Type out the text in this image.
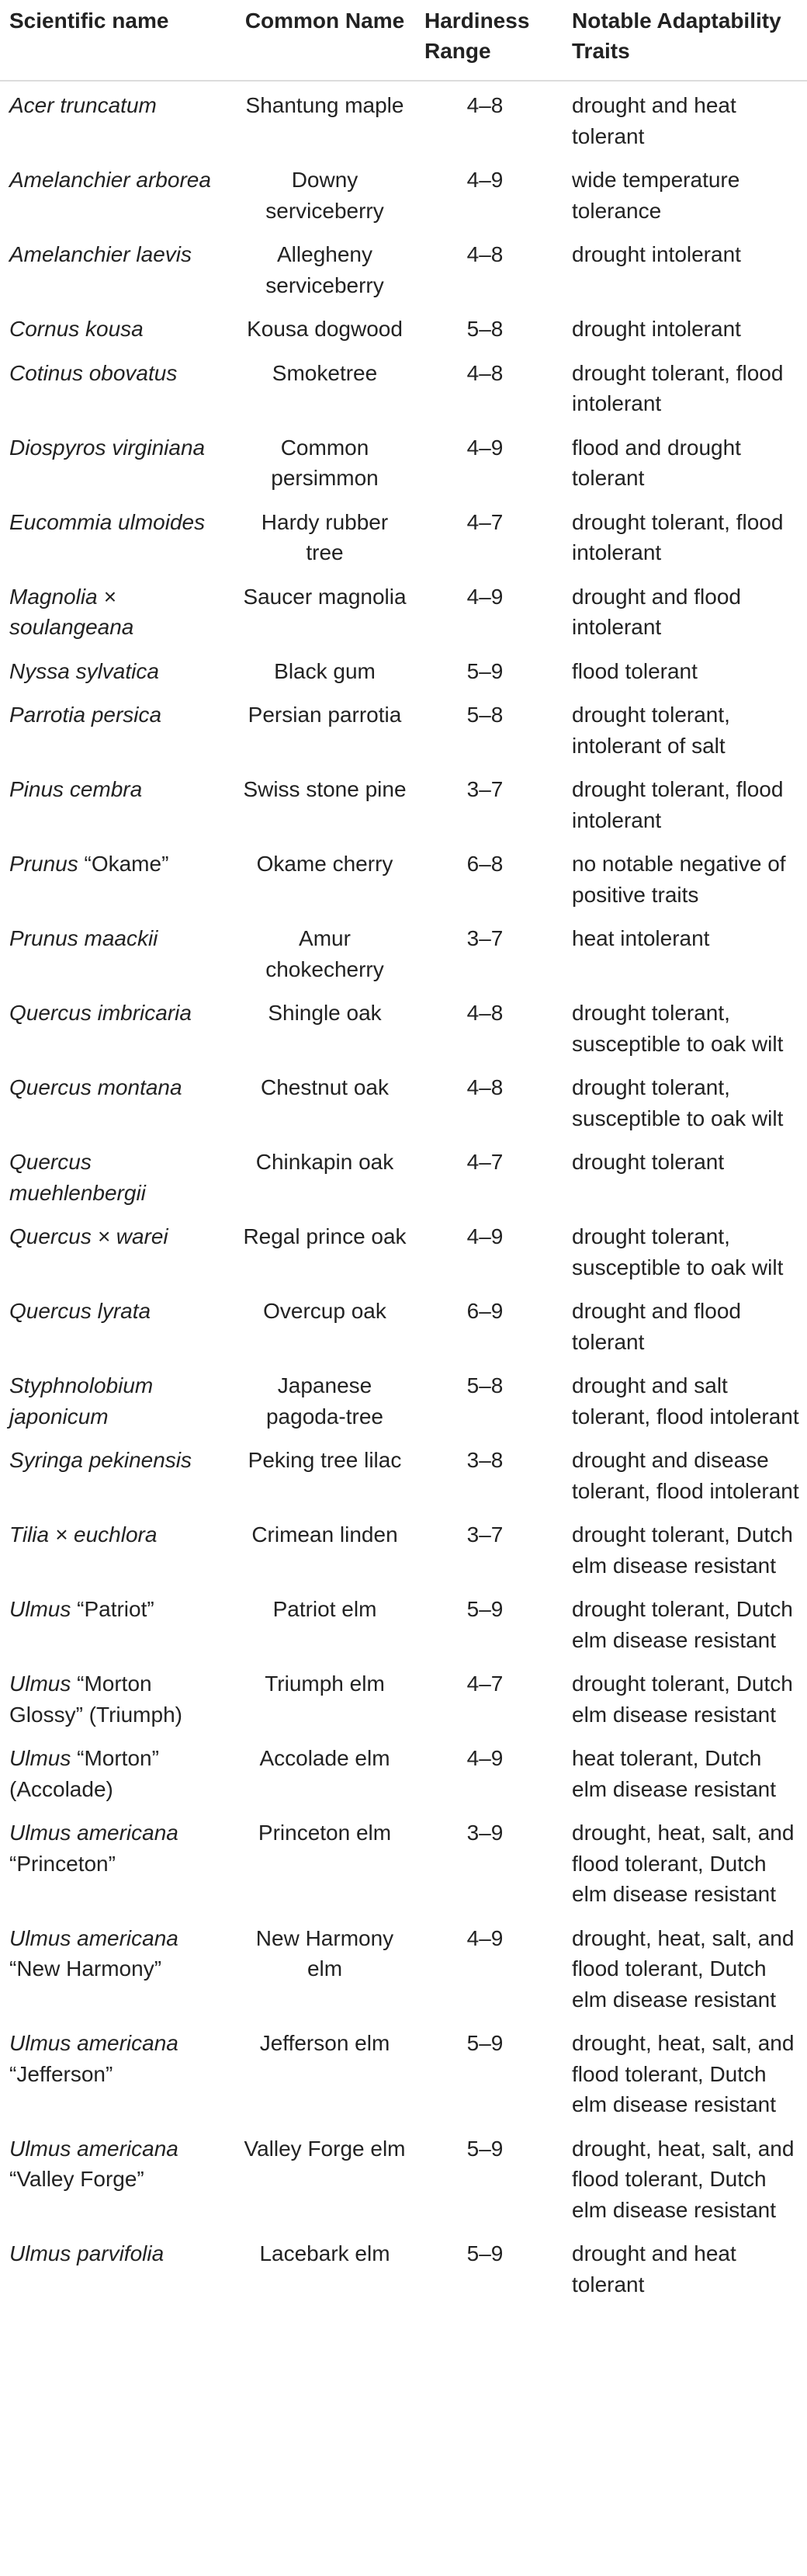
Scientific name	Common Name	Hardiness Range	Notable Adaptability Traits
Acer truncatum	Shantung maple	4–8	drought and heat tolerant
Amelanchier arborea	Downy serviceberry	4–9	wide temperature tolerance
Amelanchier laevis	Allegheny serviceberry	4–8	drought intolerant
Cornus kousa	Kousa dogwood	5–8	drought intolerant
Cotinus obovatus	Smoketree	4–8	drought tolerant, flood intolerant
Diospyros virginiana	Common persimmon	4–9	flood and drought tolerant
Eucommia ulmoides	Hardy rubber tree	4–7	drought tolerant, flood intolerant
Magnolia × soulangeana	Saucer magnolia	4–9	drought and flood intolerant
Nyssa sylvatica	Black gum	5–9	flood tolerant
Parrotia persica	Persian parrotia	5–8	drought tolerant, intolerant of salt
Pinus cembra	Swiss stone pine	3–7	drought tolerant, flood intolerant
Prunus “Okame”	Okame cherry	6–8	no notable negative of positive traits
Prunus maackii	Amur chokecherry	3–7	heat intolerant
Quercus imbricaria	Shingle oak	4–8	drought tolerant, susceptible to oak wilt
Quercus montana	Chestnut oak	4–8	drought tolerant, susceptible to oak wilt
Quercus muehlenbergii	Chinkapin oak	4–7	drought tolerant
Quercus × warei	Regal prince oak	4–9	drought tolerant, susceptible to oak wilt
Quercus lyrata	Overcup oak	6–9	drought and flood tolerant
Styphnolobium japonicum	Japanese pagoda-tree	5–8	drought and salt tolerant, flood intolerant
Syringa pekinensis	Peking tree lilac	3–8	drought and disease tolerant, flood intolerant
Tilia × euchlora	Crimean linden	3–7	drought tolerant, Dutch elm disease resistant
Ulmus “Patriot”	Patriot elm	5–9	drought tolerant, Dutch elm disease resistant
Ulmus “Morton Glossy” (Triumph)	Triumph elm	4–7	drought tolerant, Dutch elm disease resistant
Ulmus “Morton” (Accolade)	Accolade elm	4–9	heat tolerant, Dutch elm disease resistant
Ulmus americana “Princeton”	Princeton elm	3–9	drought, heat, salt, and flood tolerant, Dutch elm disease resistant
Ulmus americana “New Harmony”	New Harmony elm	4–9	drought, heat, salt, and flood tolerant, Dutch elm disease resistant
Ulmus americana “Jefferson”	Jefferson elm	5–9	drought, heat, salt, and flood tolerant, Dutch elm disease resistant
Ulmus americana “Valley Forge”	Valley Forge elm	5–9	drought, heat, salt, and flood tolerant, Dutch elm disease resistant
Ulmus parvifolia	Lacebark elm	5–9	drought and heat tolerant
